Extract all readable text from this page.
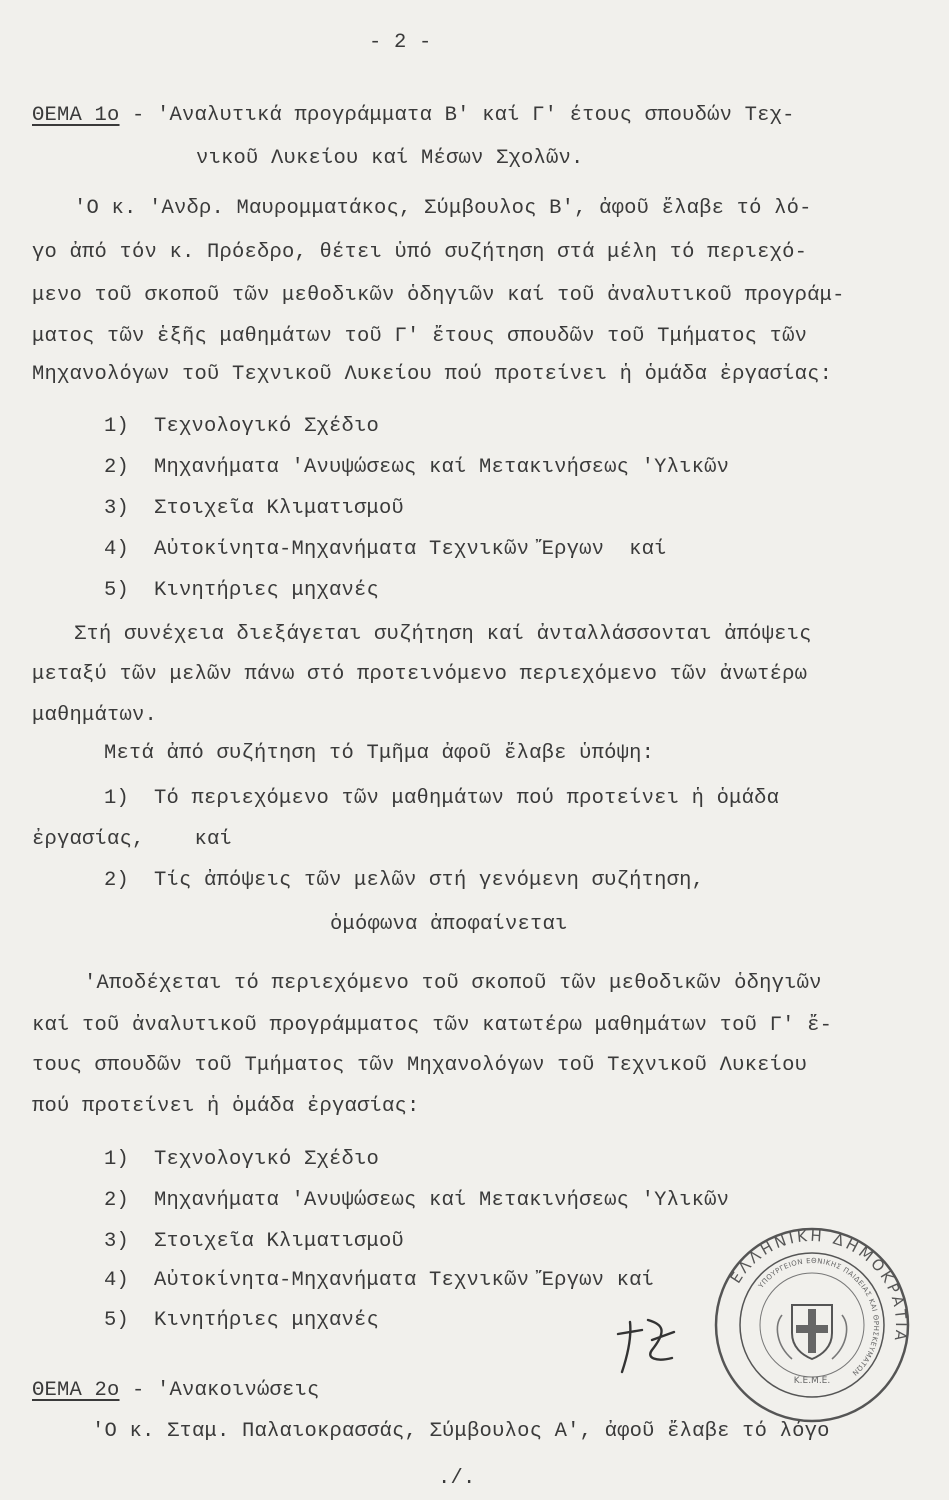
- 2 -
ΘΕΜΑ 1ο - 'Αναλυτικά προγράμματα Β' καί Γ' έτους σπουδών Τεχ-
νικοῦ Λυκείου καί Μέσων Σχολῶν.
'Ο κ. 'Ανδρ. Μαυρομματάκος, Σύμβουλος Β', ἀφοῦ ἔλαβε τό λό-
γο ἀπό τόν κ. Πρόεδρο, θέτει ὑπό συζήτηση στά μέλη τό περιεχό-
μενο τοῦ σκοποῦ τῶν μεθοδικῶν ὁδηγιῶν καί τοῦ ἀναλυτικοῦ προγράμ-
ματος τῶν ἑξῆς μαθημάτων τοῦ Γ' ἔτους σπουδῶν τοῦ Τμήματος τῶν
Μηχανολόγων τοῦ Τεχνικοῦ Λυκείου πού προτείνει ἡ ὁμάδα ἐργασίας:
1)  Τεχνολογικό Σχέδιο
2)  Μηχανήματα 'Ανυψώσεως καί Μετακινήσεως 'Υλικῶν
3)  Στοιχεῖα Κλιματισμοῦ
4)  Αὐτοκίνητα-Μηχανήματα Τεχνικῶν Ἔργων  καί
5)  Κινητήριες μηχανές
Στή συνέχεια διεξάγεται συζήτηση καί ἀνταλλάσσονται ἀπόψεις
μεταξύ τῶν μελῶν πάνω στό προτεινόμενο περιεχόμενο τῶν ἀνωτέρω
μαθημάτων.
Μετά ἀπό συζήτηση τό Τμῆμα ἀφοῦ ἔλαβε ὑπόψη:
1)  Τό περιεχόμενο τῶν μαθημάτων πού προτείνει ἡ ὁμάδα
ἐργασίας,    καί
2)  Τίς ἀπόψεις τῶν μελῶν στή γενόμενη συζήτηση,
ὁμόφωνα ἀποφαίνεται
'Αποδέχεται τό περιεχόμενο τοῦ σκοποῦ τῶν μεθοδικῶν ὁδηγιῶν
καί τοῦ ἀναλυτικοῦ προγράμματος τῶν κατωτέρω μαθημάτων τοῦ Γ' ἔ-
τους σπουδῶν τοῦ Τμήματος τῶν Μηχανολόγων τοῦ Τεχνικοῦ Λυκείου
πού προτείνει ἡ ὁμάδα ἐργασίας:
1)  Τεχνολογικό Σχέδιο
2)  Μηχανήματα 'Ανυψώσεως καί Μετακινήσεως 'Υλικῶν
3)  Στοιχεῖα Κλιματισμοῦ
4)  Αὐτοκίνητα-Μηχανήματα Τεχνικῶν Ἔργων καί
5)  Κινητήριες μηχανές
ΘΕΜΑ 2ο - 'Ανακοινώσεις
'Ο κ. Σταμ. Παλαιοκρασσάς, Σύμβουλος Α', ἀφοῦ ἔλαβε τό λόγο
./.
ΕΛΛΗΝΙΚΗ ΔΗΜΟΚΡΑΤΙΑ
ΥΠΟΥΡΓΕΙΟΝ ΕΘΝΙΚΗΣ ΠΑΙΔΕΙΑΣ ΚΑΙ ΘΡΗΣΚΕΥΜΑΤΩΝ
Κ.Ε.Μ.Ε.
